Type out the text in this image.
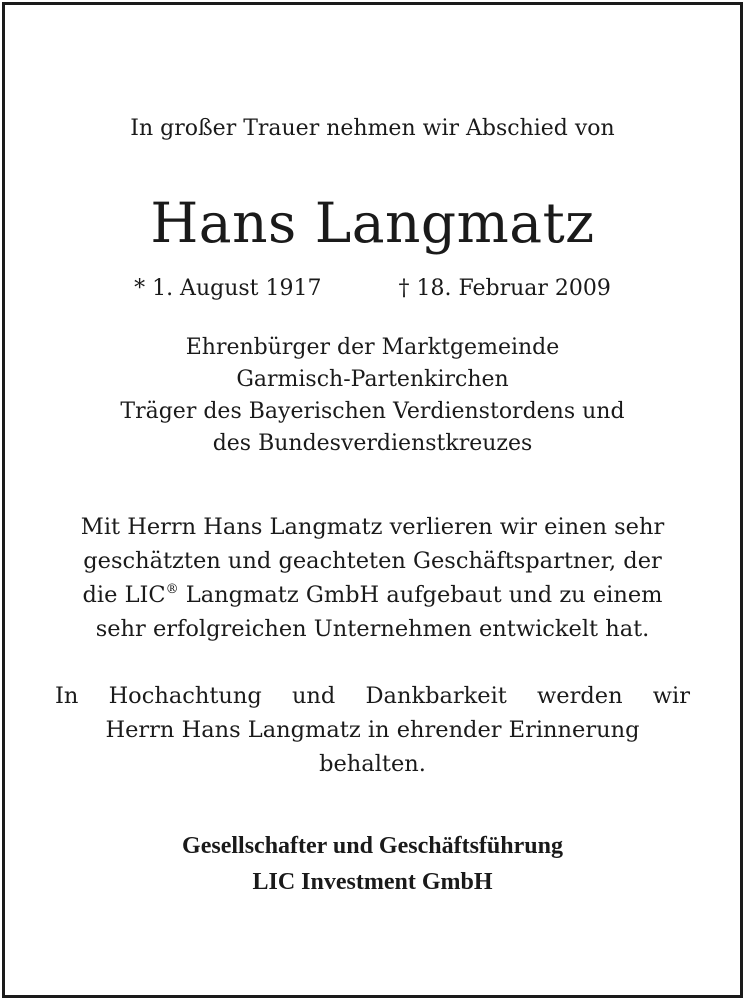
In großer Trauer nehmen wir Abschied von
Hans Langmatz
* 1. August 1917	† 18. Februar 2009
Ehrenbürger der Marktgemeinde
Garmisch-Partenkirchen
Träger des Bayerischen Verdienstordens und
des Bundesverdienstkreuzes
Mit Herrn Hans Langmatz verlieren wir einen sehr
geschätzten und geachteten Geschäftspartner, der
die LIC® Langmatz GmbH aufgebaut und zu einem
sehr erfolgreichen Unternehmen entwickelt hat.
In Hochachtung und Dankbarkeit werden wir
Herrn Hans Langmatz in ehrender Erinnerung
behalten.
Gesellschafter und Geschäftsführung
LIC Investment GmbH
